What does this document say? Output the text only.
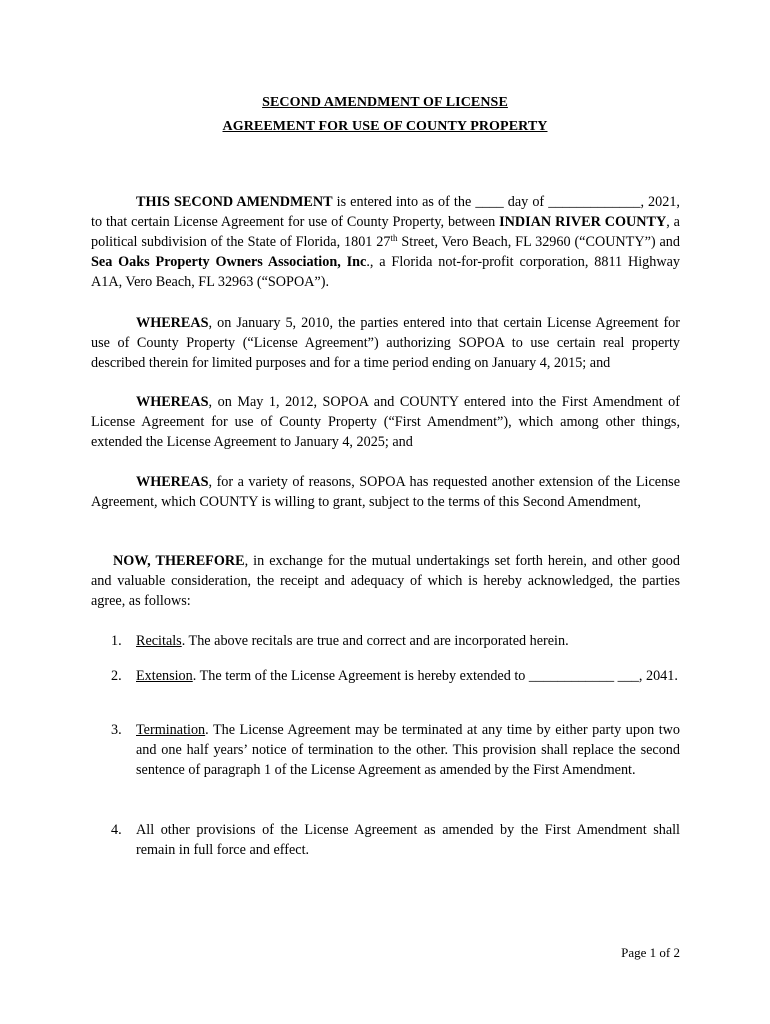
SECOND AMENDMENT OF LICENSE
AGREEMENT FOR USE OF COUNTY PROPERTY
THIS SECOND AMENDMENT is entered into as of the ____ day of _____________, 2021, to that certain License Agreement for use of County Property, between INDIAN RIVER COUNTY, a political subdivision of the State of Florida, 1801 27th Street, Vero Beach, FL 32960 (“COUNTY”) and Sea Oaks Property Owners Association, Inc., a Florida not-for-profit corporation, 8811 Highway A1A, Vero Beach, FL 32963 (“SOPOA”).
WHEREAS, on January 5, 2010, the parties entered into that certain License Agreement for use of County Property (“License Agreement”) authorizing SOPOA to use certain real property described therein for limited purposes and for a time period ending on January 4, 2015; and
WHEREAS, on May 1, 2012, SOPOA and COUNTY entered into the First Amendment of License Agreement for use of County Property (“First Amendment”), which among other things, extended the License Agreement to January 4, 2025; and
WHEREAS, for a variety of reasons, SOPOA has requested another extension of the License Agreement, which COUNTY is willing to grant, subject to the terms of this Second Amendment,
NOW, THEREFORE, in exchange for the mutual undertakings set forth herein, and other good and valuable consideration, the receipt and adequacy of which is hereby acknowledged, the parties agree, as follows:
1. Recitals. The above recitals are true and correct and are incorporated herein.
2. Extension. The term of the License Agreement is hereby extended to ____________ ___, 2041.
3. Termination. The License Agreement may be terminated at any time by either party upon two and one half years’ notice of termination to the other. This provision shall replace the second sentence of paragraph 1 of the License Agreement as amended by the First Amendment.
4. All other provisions of the License Agreement as amended by the First Amendment shall remain in full force and effect.
Page 1 of 2
